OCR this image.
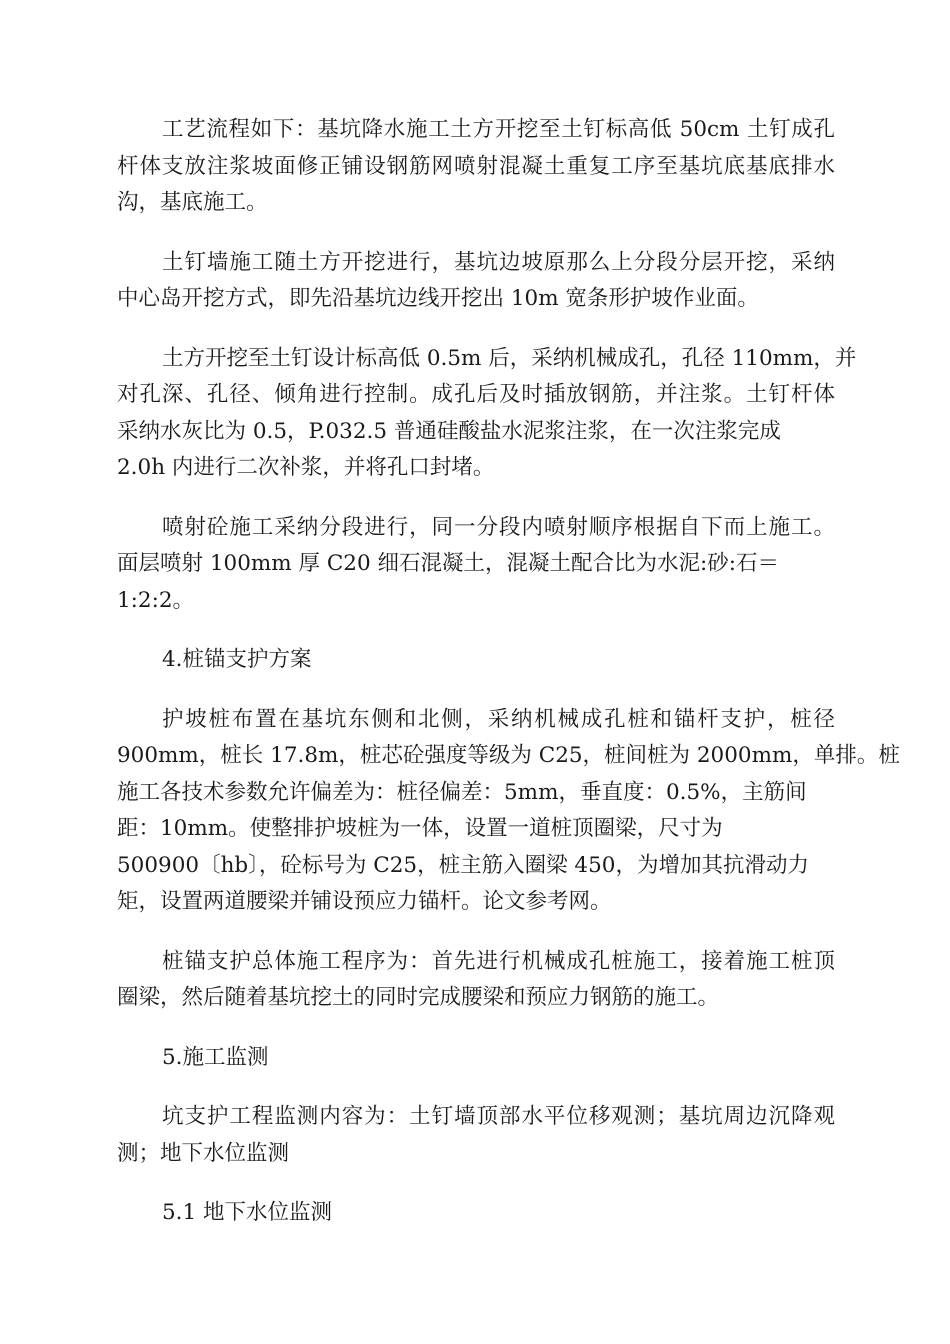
工艺流程如下：基坑降水施工土方开挖至土钉标高低 50cm 土钉成孔
杆体支放注浆坡面修正铺设钢筋网喷射混凝土重复工序至基坑底基底排水
沟，基底施工。
土钉墙施工随土方开挖进行，基坑边坡原那么上分段分层开挖，采纳
中心岛开挖方式，即先沿基坑边线开挖出 10m 宽条形护坡作业面。
土方开挖至土钉设计标高低 0.5m 后，采纳机械成孔，孔径 110mm，并
对孔深、孔径、倾角进行控制。成孔后及时插放钢筋，并注浆。土钉杆体
采纳水灰比为 0.5，P.032.5 普通硅酸盐水泥浆注浆，在一次注浆完成
2.0h 内进行二次补浆，并将孔口封堵。
喷射砼施工采纳分段进行，同一分段内喷射顺序根据自下而上施工。
面层喷射 100mm 厚 C20 细石混凝土，混凝土配合比为水泥:砂:石＝
1:2:2。
4.桩锚支护方案
护坡桩布置在基坑东侧和北侧，采纳机械成孔桩和锚杆支护，桩径
900mm，桩长 17.8m，桩芯砼强度等级为 C25，桩间桩为 2000mm，单排。桩
施工各技术参数允许偏差为：桩径偏差：5mm，垂直度：0.5%，主筋间
距：10mm。使整排护坡桩为一体，设置一道桩顶圈梁，尺寸为
500900〔hb〕，砼标号为 C25，桩主筋入圈梁 450，为增加其抗滑动力
矩，设置两道腰梁并铺设预应力锚杆。论文参考网。
桩锚支护总体施工程序为：首先进行机械成孔桩施工，接着施工桩顶
圈梁，然后随着基坑挖土的同时完成腰梁和预应力钢筋的施工。
5.施工监测
坑支护工程监测内容为：土钉墙顶部水平位移观测；基坑周边沉降观
测；地下水位监测
5.1 地下水位监测
